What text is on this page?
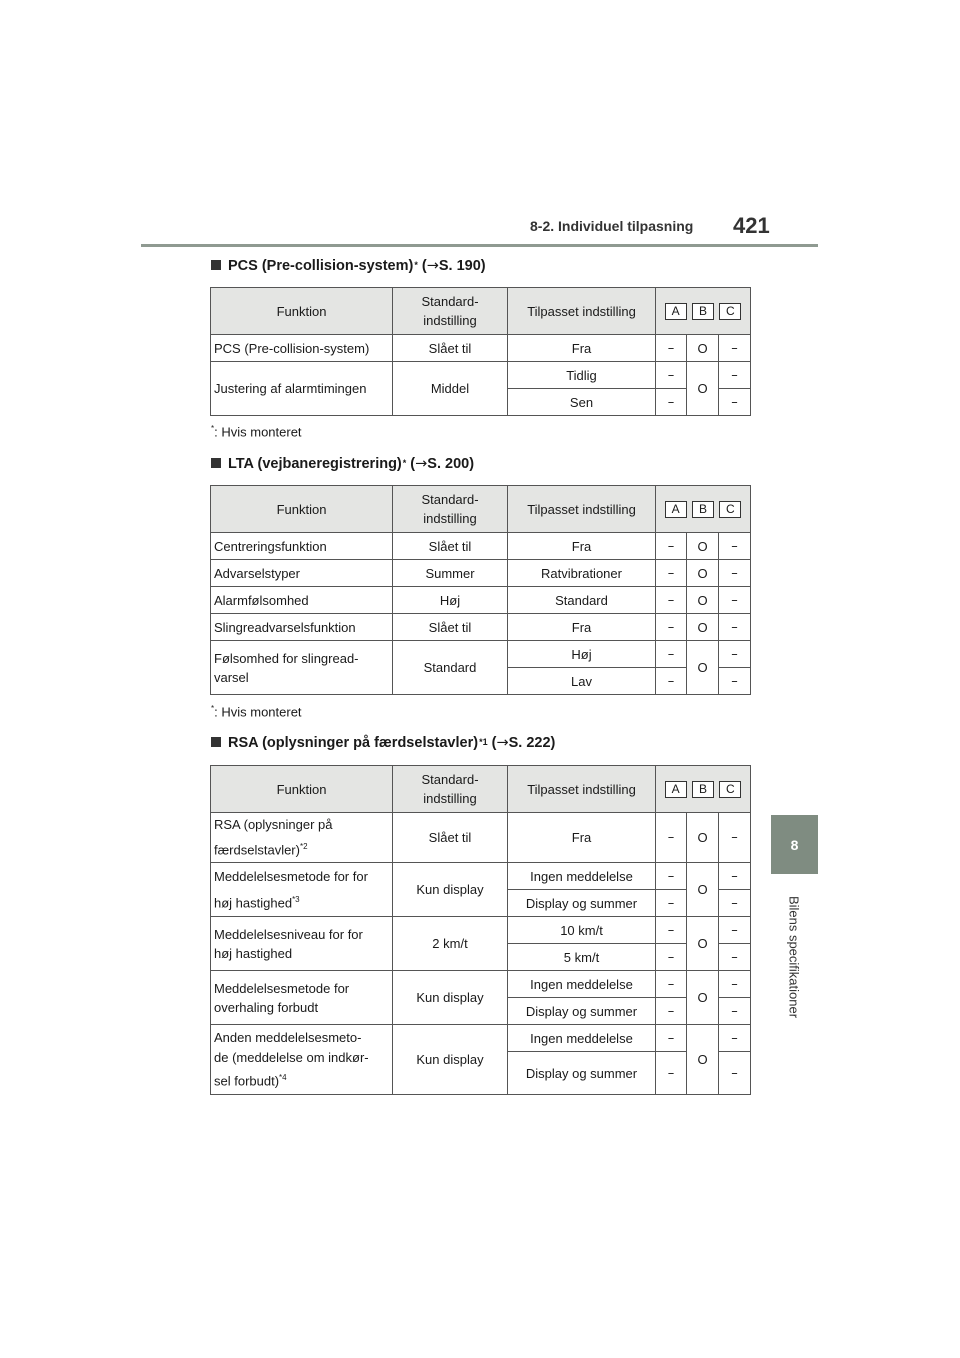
8-2. Individuel tilpasning 421
8
Bilens specifikationer
PCS (Pre-collision-system)* ( → S. 190 )
Funktion	Standard-
indstilling	Tilpasset indstilling	A B C		

PCS (Pre-collision-system)	Slået til	Fra	–	O	–
Justering af alarmtimingen	Middel	Tidlig	–	O	–
		Sen	–		–
*: Hvis monteret
LTA (vejbaneregistrering)* ( → S. 200 )
Funktion	Standard-
indstilling	Tilpasset indstilling	A B C		

Centreringsfunktion	Slået til	Fra	–	O	–
Advarselstyper	Summer	Ratvibrationer	–	O	–
Alarmfølsomhed	Høj	Standard	–	O	–
Slingreadvarselsfunktion	Slået til	Fra	–	O	–
Følsomhed for slingread-
varsel	Standard	Høj	–	O	–
		Lav	–		–
*: Hvis monteret
RSA (oplysninger på færdselstavler)$^{*1}$ ( → S. 222 )
Funktion	Standard-
indstilling	Tilpasset indstilling	A B C		

RSA (oplysninger på
færdselstavler)$^{*2}$	Slået til	Fra	–	O	–
Meddelelsesmetode for for
høj hastighed$^{*3}$	Kun display	Ingen meddelelse	–	O	–
		Display og summer	–		–
Meddelelsesniveau for for
høj hastighed	2 km/t	10 km/t	–	O	–
		5 km/t	–		–
Meddelelsesmetode for
overhaling forbudt	Kun display	Ingen meddelelse	–	O	–
		Display og summer	–		–
Anden meddelelsesmeto-
de (meddelelse om indkør-
sel forbudt)$^{*4}$	Kun display	Ingen meddelelse	–	O	–
		Display og summer	–		–
